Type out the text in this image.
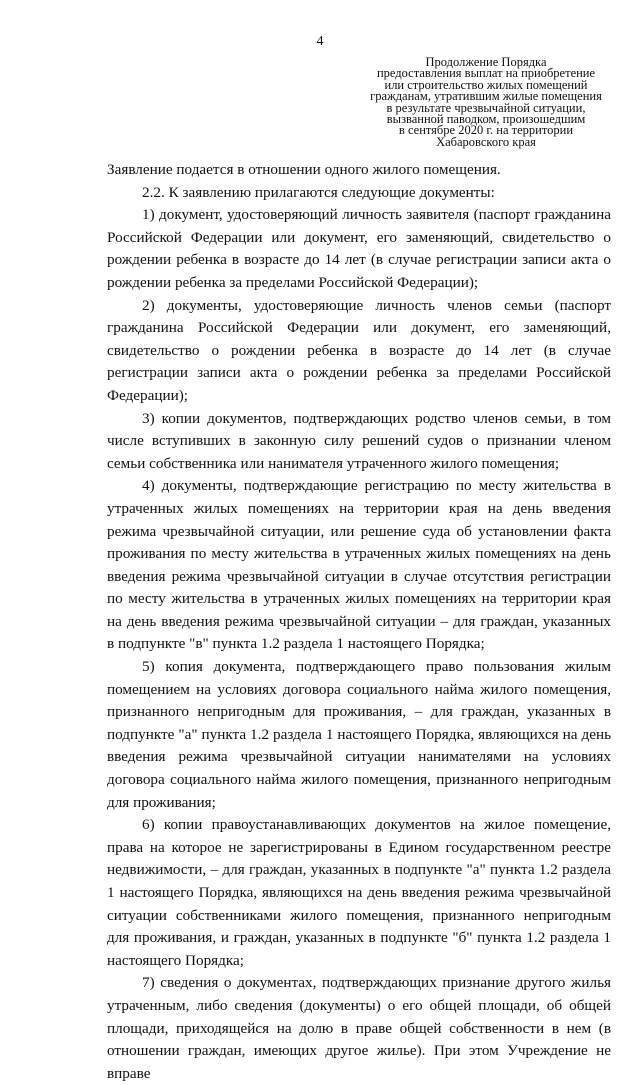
4
Продолжение Порядка
предоставления выплат на приобретение
или строительство жилых помещений
гражданам, утратившим жилые помещения
в результате чрезвычайной ситуации,
вызванной паводком, произошедшим
в сентябре 2020 г. на территории
Хабаровского края

Заявление подается в отношении одного жилого помещения.

2.2. К заявлению прилагаются следующие документы:

1) документ, удостоверяющий личность заявителя (паспорт гражданина Российской Федерации или документ, его заменяющий, свидетельство о рождении ребенка в возрасте до 14 лет (в случае регистрации записи акта о рождении ребенка за пределами Российской Федерации);

2) документы, удостоверяющие личность членов семьи (паспорт гражданина Российской Федерации или документ, его заменяющий, свидетельство о рождении ребенка в возрасте до 14 лет (в случае регистрации записи акта о рождении ребенка за пределами Российской Федерации);

3) копии документов, подтверждающих родство членов семьи, в том числе вступивших в законную силу решений судов о признании членом семьи собственника или нанимателя утраченного жилого помещения;

4) документы, подтверждающие регистрацию по месту жительства в утраченных жилых помещениях на территории края на день введения режима чрезвычайной ситуации, или решение суда об установлении факта проживания по месту жительства в утраченных жилых помещениях на день введения режима чрезвычайной ситуации в случае отсутствия регистрации по месту жительства в утраченных жилых помещениях на территории края на день введения режима чрезвычайной ситуации – для граждан, указанных в подпункте "в" пункта 1.2 раздела 1 настоящего Порядка;

5) копия документа, подтверждающего право пользования жилым помещением на условиях договора социального найма жилого помещения, признанного непригодным для проживания, – для граждан, указанных в подпункте "а" пункта 1.2 раздела 1 настоящего Порядка, являющихся на день введения режима чрезвычайной ситуации нанимателями на условиях договора социального найма жилого помещения, признанного непригодным для проживания;

6) копии правоустанавливающих документов на жилое помещение, права на которое не зарегистрированы в Едином государственном реестре недвижимости, – для граждан, указанных в подпункте "а" пункта 1.2 раздела 1 настоящего Порядка, являющихся на день введения режима чрезвычайной ситуации собственниками жилого помещения, признанного непригодным для проживания, и граждан, указанных в подпункте "б" пункта 1.2 раздела 1 настоящего Порядка;

7) сведения о документах, подтверждающих признание другого жилья утраченным, либо сведения (документы) о его общей площади, об общей площади, приходящейся на долю в праве общей собственности в нем (в отношении граждан, имеющих другое жилье). При этом Учреждение не вправе
